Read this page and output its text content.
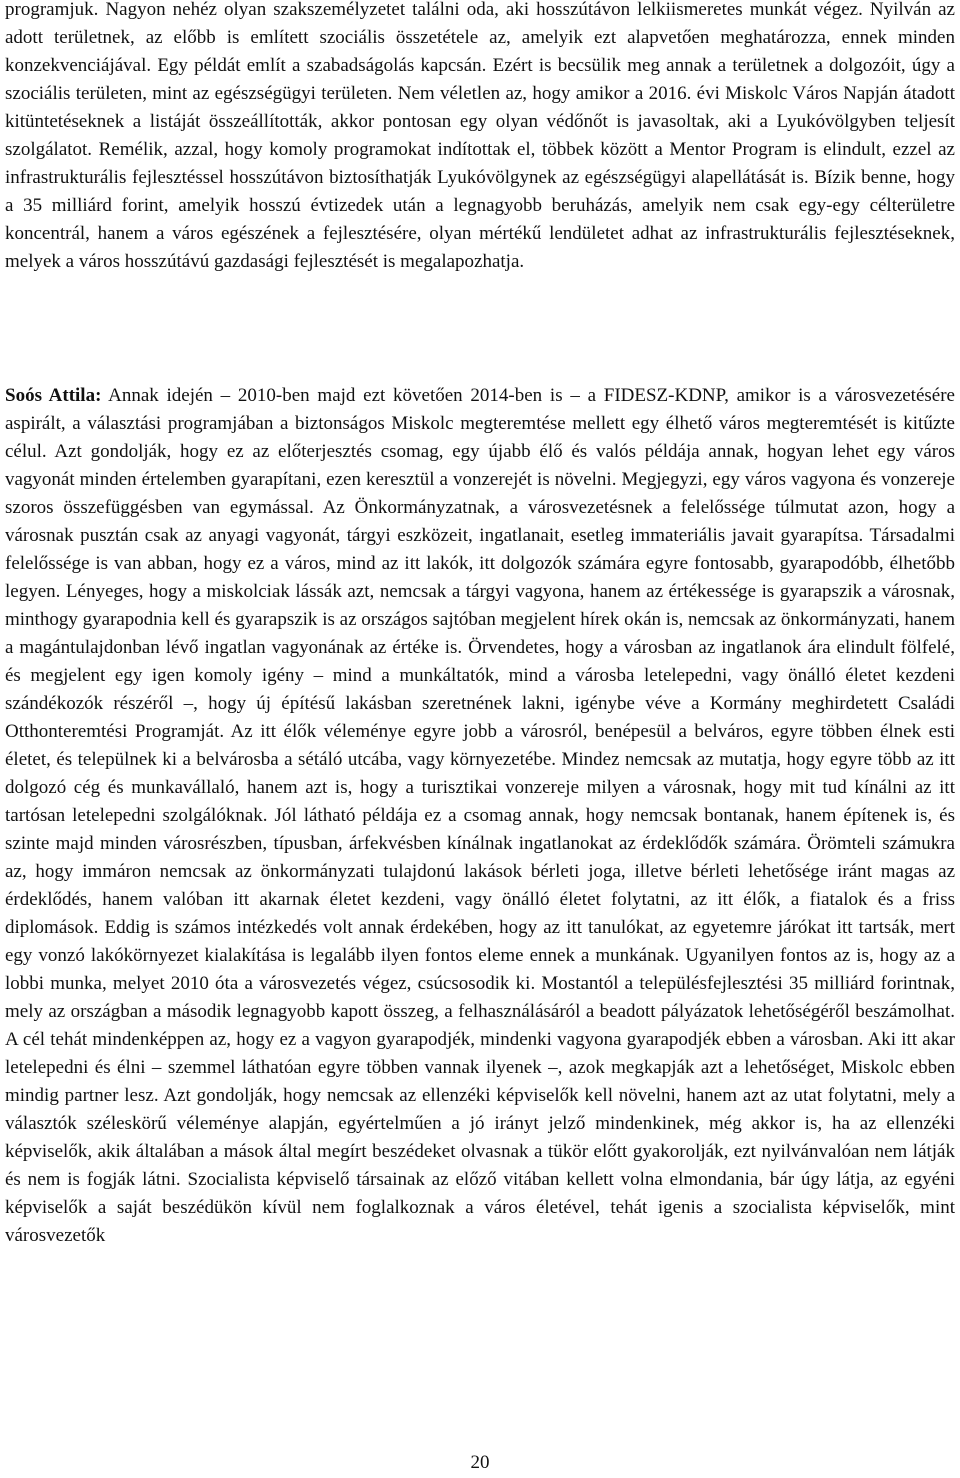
programjuk. Nagyon nehéz olyan szakszemélyzetet találni oda, aki hosszútávon lelkiismeretes munkát végez. Nyilván az adott területnek, az előbb is említett szociális összetétele az, amelyik ezt alapvetően meghatározza, ennek minden konzekvenciájával. Egy példát említ a szabadságolás kapcsán. Ezért is becsülik meg annak a területnek a dolgozóit, úgy a szociális területen, mint az egészségügyi területen. Nem véletlen az, hogy amikor a 2016. évi Miskolc Város Napján átadott kitüntetéseknek a listáját összeállították, akkor pontosan egy olyan védőnőt is javasoltak, aki a Lyukóvölgyben teljesít szolgálatot. Remélik, azzal, hogy komoly programokat indítottak el, többek között a Mentor Program is elindult, ezzel az infrastrukturális fejlesztéssel hosszútávon biztosíthatják Lyukóvölgynek az egészségügyi alapellátását is. Bízik benne, hogy a 35 milliárd forint, amelyik hosszú évtizedek után a legnagyobb beruházás, amelyik nem csak egy-egy célterületre koncentrál, hanem a város egészének a fejlesztésére, olyan mértékű lendületet adhat az infrastrukturális fejlesztéseknek, melyek a város hosszútávú gazdasági fejlesztését is megalapozhatja.

Soós Attila: Annak idején – 2010-ben majd ezt követően 2014-ben is – a FIDESZ-KDNP, amikor is a városvezetésére aspirált, a választási programjában a biztonságos Miskolc megteremtése mellett egy élhető város megteremtését is kitűzte célul. Azt gondolják, hogy ez az előterjesztés csomag, egy újabb élő és valós példája annak, hogyan lehet egy város vagyonát minden értelemben gyarapítani, ezen keresztül a vonzerejét is növelni. Megjegyzi, egy város vagyona és vonzereje szoros összefüggésben van egymással. Az Önkormányzatnak, a városvezetésnek a felelőssége túlmutat azon, hogy a városnak pusztán csak az anyagi vagyonát, tárgyi eszközeit, ingatlanait, esetleg immateriális javait gyarapítsa. Társadalmi felelőssége is van abban, hogy ez a város, mind az itt lakók, itt dolgozók számára egyre fontosabb, gyarapodóbb, élhetőbb legyen. Lényeges, hogy a miskolciak lássák azt, nemcsak a tárgyi vagyona, hanem az értékessége is gyarapszik a városnak, minthogy gyarapodnia kell és gyarapszik is az országos sajtóban megjelent hírek okán is, nemcsak az önkormányzati, hanem a magántulajdonban lévő ingatlan vagyonának az értéke is. Örvendetes, hogy a városban az ingatlanok ára elindult fölfelé, és megjelent egy igen komoly igény – mind a munkáltatók, mind a városba letelepedni, vagy önálló életet kezdeni szándékozók részéről –, hogy új építésű lakásban szeretnének lakni, igénybe véve a Kormány meghirdetett Családi Otthonteremtési Programját. Az itt élők véleménye egyre jobb a városról, benépesül a belváros, egyre többen élnek esti életet, és települnek ki a belvárosba a sétáló utcába, vagy környezetébe. Mindez nemcsak az mutatja, hogy egyre több az itt dolgozó cég és munkavállaló, hanem azt is, hogy a turisztikai vonzereje milyen a városnak, hogy mit tud kínálni az itt tartósan letelepedni szolgálóknak. Jól látható példája ez a csomag annak, hogy nemcsak bontanak, hanem építenek is, és szinte majd minden városrészben, típusban, árfekvésben kínálnak ingatlanokat az érdeklődők számára. Örömteli számukra az, hogy immáron nemcsak az önkormányzati tulajdonú lakások bérleti joga, illetve bérleti lehetősége iránt magas az érdeklődés, hanem valóban itt akarnak életet kezdeni, vagy önálló életet folytatni, az itt élők, a fiatalok és a friss diplomások. Eddig is számos intézkedés volt annak érdekében, hogy az itt tanulókat, az egyetemre járókat itt tartsák, mert egy vonzó lakókörnyezet kialakítása is legalább ilyen fontos eleme ennek a munkának. Ugyanilyen fontos az is, hogy az a lobbi munka, melyet 2010 óta a városvezetés végez, csúcsosodik ki. Mostantól a településfejlesztési 35 milliárd forintnak, mely az országban a második legnagyobb kapott összeg, a felhasználásáról a beadott pályázatok lehetőségéről beszámolhat. A cél tehát mindenképpen az, hogy ez a vagyon gyarapodjék, mindenki vagyona gyarapodjék ebben a városban. Aki itt akar letelepedni és élni – szemmel láthatóan egyre többen vannak ilyenek –, azok megkapják azt a lehetőséget, Miskolc ebben mindig partner lesz. Azt gondolják, hogy nemcsak az ellenzéki képviselők kell növelni, hanem azt az utat folytatni, mely a választók széleskörű véleménye alapján, egyértelműen a jó irányt jelző mindenkinek, még akkor is, ha az ellenzéki képviselők, akik általában a mások által megírt beszédeket olvasnak a tükör előtt gyakorolják, ezt nyilvánvalóan nem látják és nem is fogják látni. Szocialista képviselő társainak az előző vitában kellett volna elmondania, bár úgy látja, az egyéni képviselők a saját beszédükön kívül nem foglalkoznak a város életével, tehát igenis a szocialista képviselők, mint városvezetők

20
